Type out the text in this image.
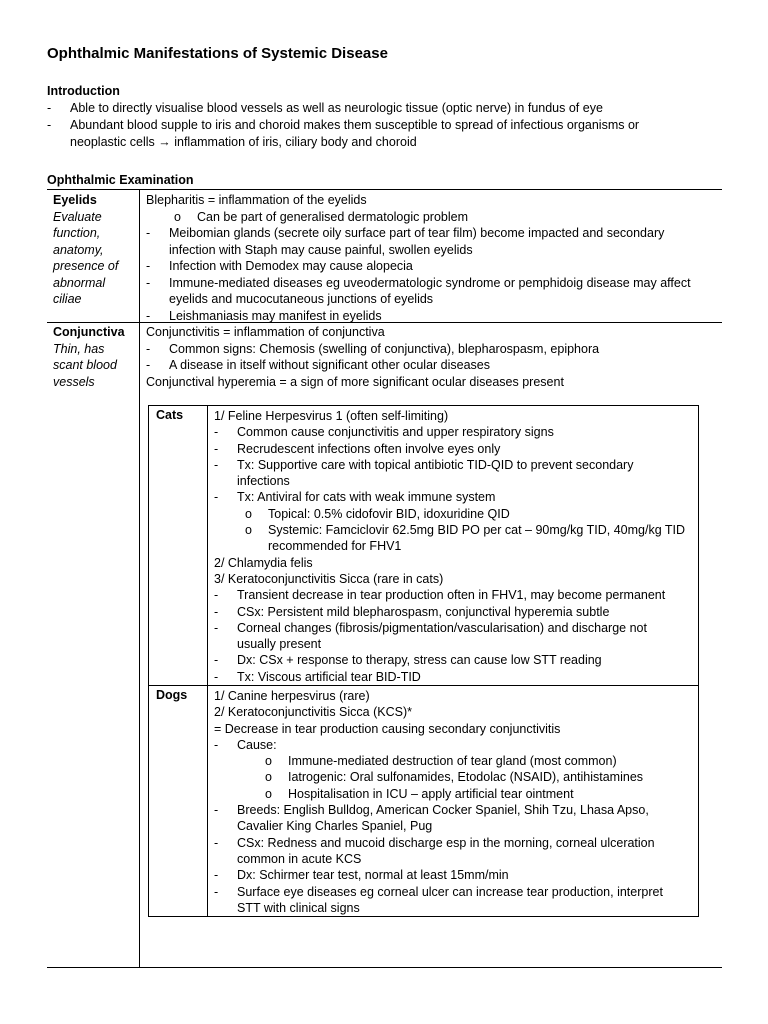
Ophthalmic Manifestations of Systemic Disease
Introduction
- Able to directly visualise blood vessels as well as neurologic tissue (optic nerve) in fundus of eye
- Abundant blood supple to iris and choroid makes them susceptible to spread of infectious organisms or
neoplastic cells → inflammation of iris, ciliary body and choroid
Ophthalmic Examination
Eyelids
Evaluate
function,
anatomy,
presence of
abnormal
ciliae
Blepharitis = inflammation of the eyelids
o Can be part of generalised dermatologic problem
- Meibomian glands (secrete oily surface part of tear film) become impacted and secondary
infection with Staph may cause painful, swollen eyelids
- Infection with Demodex may cause alopecia
- Immune-mediated diseases eg uveodermatologic syndrome or pemphidoig disease may affect
eyelids and mucocutaneous junctions of eyelids
- Leishmaniasis may manifest in eyelids
Conjunctiva
Thin, has
scant blood
vessels
Conjunctivitis = inflammation of conjunctiva
- Common signs: Chemosis (swelling of conjunctiva), blepharospasm, epiphora
- A disease in itself without significant other ocular diseases
Conjunctival hyperemia = a sign of more significant ocular diseases present
Cats 1/ Feline Herpesvirus 1 (often self-limiting)
- Common cause conjunctivitis and upper respiratory signs
- Recrudescent infections often involve eyes only
- Tx: Supportive care with topical antibiotic TID-QID to prevent secondary
infections
- Tx: Antiviral for cats with weak immune system
o Topical: 0.5% cidofovir BID, idoxuridine QID
o Systemic: Famciclovir 62.5mg BID PO per cat – 90mg/kg TID, 40mg/kg TID
recommended for FHV1
2/ Chlamydia felis
3/ Keratoconjunctivitis Sicca (rare in cats)
- Transient decrease in tear production often in FHV1, may become permanent
- CSx: Persistent mild blepharospasm, conjunctival hyperemia subtle
- Corneal changes (fibrosis/pigmentation/vascularisation) and discharge not
usually present
- Dx: CSx + response to therapy, stress can cause low STT reading
- Tx: Viscous artificial tear BID-TID
Dogs 1/ Canine herpesvirus (rare)
2/ Keratoconjunctivitis Sicca (KCS)*
= Decrease in tear production causing secondary conjunctivitis
- Cause:
o Immune-mediated destruction of tear gland (most common)
o Iatrogenic: Oral sulfonamides, Etodolac (NSAID), antihistamines
o Hospitalisation in ICU – apply artificial tear ointment
- Breeds: English Bulldog, American Cocker Spaniel, Shih Tzu, Lhasa Apso,
Cavalier King Charles Spaniel, Pug
- CSx: Redness and mucoid discharge esp in the morning, corneal ulceration
common in acute KCS
- Dx: Schirmer tear test, normal at least 15mm/min
- Surface eye diseases eg corneal ulcer can increase tear production, interpret
STT with clinical signs
